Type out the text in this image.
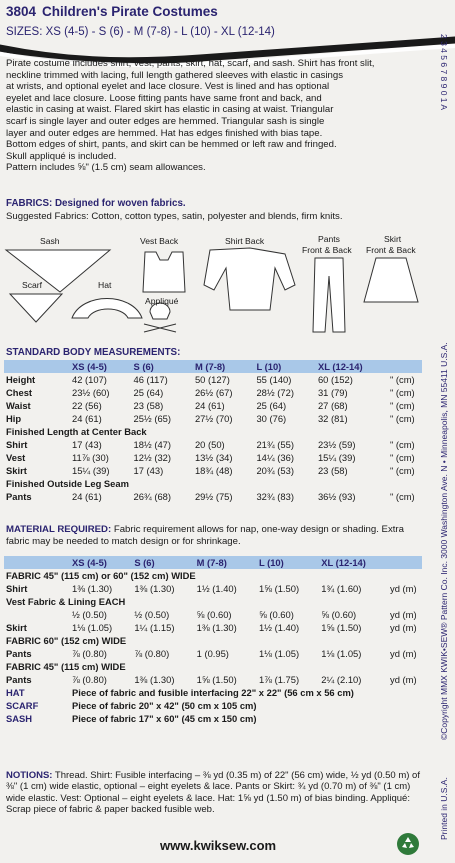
3804 Children's Pirate Costumes
SIZES: XS (4-5) - S (6) - M (7-8) - L (10) - XL (12-14)

Pirate costume includes shirt, vest, pants, skirt, hat, scarf, and sash. Shirt has front slit,

neckline trimmed with lacing, full length gathered sleeves with elastic in casings

at wrists, and optional eyelet and lace closure. Vest is lined and has optional

eyelet and lace closure. Loose fitting pants have same front and back, and

elastic in casing at waist. Flared skirt has elastic in casing at waist. Triangular

scarf is single layer and outer edges are hemmed. Triangular sash is single

layer and outer edges are hemmed. Hat has edges finished with bias tape.

Bottom edges of shirt, pants, and skirt can be hemmed or left raw and fringed.

Skull appliqué is included.

Pattern includes ⅝" (1.5 cm) seam allowances.

FABRICS: Designed for woven fabrics.
Suggested Fabrics: Cotton, cotton types, satin, polyester and blends, firm knits.
Sash	Vest Back	Shirt Back	Pants
Front & Back
Skirt
Front & Back
Scarf	Hat
Appliqué
2 3 4 5 6 7 8 9 0 1 A
©Copyright MMX KWIK•SEW® Pattern Co. Inc. 3000 Washington Ave. N • Minneapolis, MN 55411 U.S.A.
Printed in U.S.A.
STANDARD BODY MEASUREMENTS:
	XS (4-5)	S (6)	M (7-8)	L (10)	XL (12-14)	
Height	42 (107)	46 (117)	50 (127)	55 (140)	60 (152)	" (cm)
Chest	23½ (60)	25 (64)	26½ (67)	28½ (72)	31 (79)	" (cm)
Waist	22 (56)	23 (58)	24 (61)	25 (64)	27 (68)	" (cm)
Hip	24 (61)	25½ (65)	27½ (70)	30 (76)	32 (81)	" (cm)
Finished Length at Center Back						
Shirt	17 (43)	18½ (47)	20 (50)	21¾ (55)	23½ (59)	" (cm)
Vest	11⅞ (30)	12½ (32)	13½ (34)	14¼ (36)	15¼ (39)	" (cm)
Skirt	15¼ (39)	17 (43)	18¾ (48)	20¾ (53)	23 (58)	" (cm)
Finished Outside Leg Seam						
Pants	24 (61)	26¾ (68)	29½ (75)	32¾ (83)	36½ (93)	" (cm)
MATERIAL REQUIRED: Fabric requirement allows for nap, one-way design or shading. Extra fabric may be needed to match design or for shrinkage.
	XS (4-5)	S (6)	M (7-8)	L (10)	XL (12-14)	
FABRIC 45" (115 cm) or 60" (152 cm) WIDE						
Shirt	1⅜ (1.30)	1⅜ (1.30)	1½ (1.40)	1⅝ (1.50)	1¾ (1.60)	yd (m)
Vest Fabric & Lining EACH						
	½ (0.50)	½ (0.50)	⅝ (0.60)	⅝ (0.60)	⅝ (0.60)	yd (m)
Skirt	1⅛ (1.05)	1¼ (1.15)	1⅜ (1.30)	1½ (1.40)	1⅝ (1.50)	yd (m)
FABRIC 60" (152 cm) WIDE						
Pants	⅞ (0.80)	⅞ (0.80)	1 (0.95)	1⅛ (1.05)	1⅛ (1.05)	yd (m)
FABRIC 45" (115 cm) WIDE						
Pants	⅞ (0.80)	1⅜ (1.30)	1⅝ (1.50)	1⅞ (1.75)	2¼ (2.10)	yd (m)
HAT	Piece of fabric and fusible interfacing 22" x 22" (56 cm x 56 cm)					
SCARF	Piece of fabric 20" x 42" (50 cm x 105 cm)					
SASH	Piece of fabric 17" x 60" (45 cm x 150 cm)					
NOTIONS: Thread. Shirt: Fusible interfacing – ⅜ yd (0.35 m) of 22" (56 cm) wide, ½ yd (0.50 m) of ⅜" (1 cm) wide elastic, optional – eight eyelets & lace. Pants or Skirt: ¾ yd (0.70 m) of ⅜" (1 cm) wide elastic. Vest: Optional – eight eyelets & lace. Hat: 1⅝ yd (1.50 m) of bias binding. Appliqué: Scrap piece of fabric & paper backed fusible web.
www.kwiksew.com
